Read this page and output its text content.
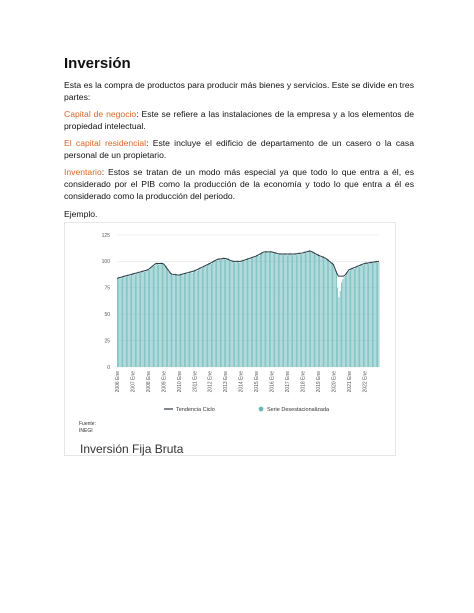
Inversión

Esta es la compra de productos para producir más bienes y servicios. Este se divide en tres partes:

Capital de negocio: Este se refiere a las instalaciones de la empresa y a los elementos de propiedad intelectual.

El capital residencial: Este incluye el edificio de departamento de un casero o la casa personal de un propietario.

Inventario: Estos se tratan de un modo más especial ya que todo lo que entra a él, es considerado por el PIB como la producción de la economía y todo lo que entra a él es considerado como la producción del periodo.

Ejemplo.

0
25
50
75
100
125
2006 Ene 2007 Ene 2008 Ene 2009 Ene 2010 Ene 2011 Ene 2012 Ene 2013 Ene 2014 Ene 2015 Ene 2016 Ene 2017 Ene 2018 Ene 2019 Ene 2020 Ene 2021 Ene 2022 Ene
Tendencia Ciclo	Serie Desestacionalizada
Fuente:
INEGI
Inversión Fija Bruta
